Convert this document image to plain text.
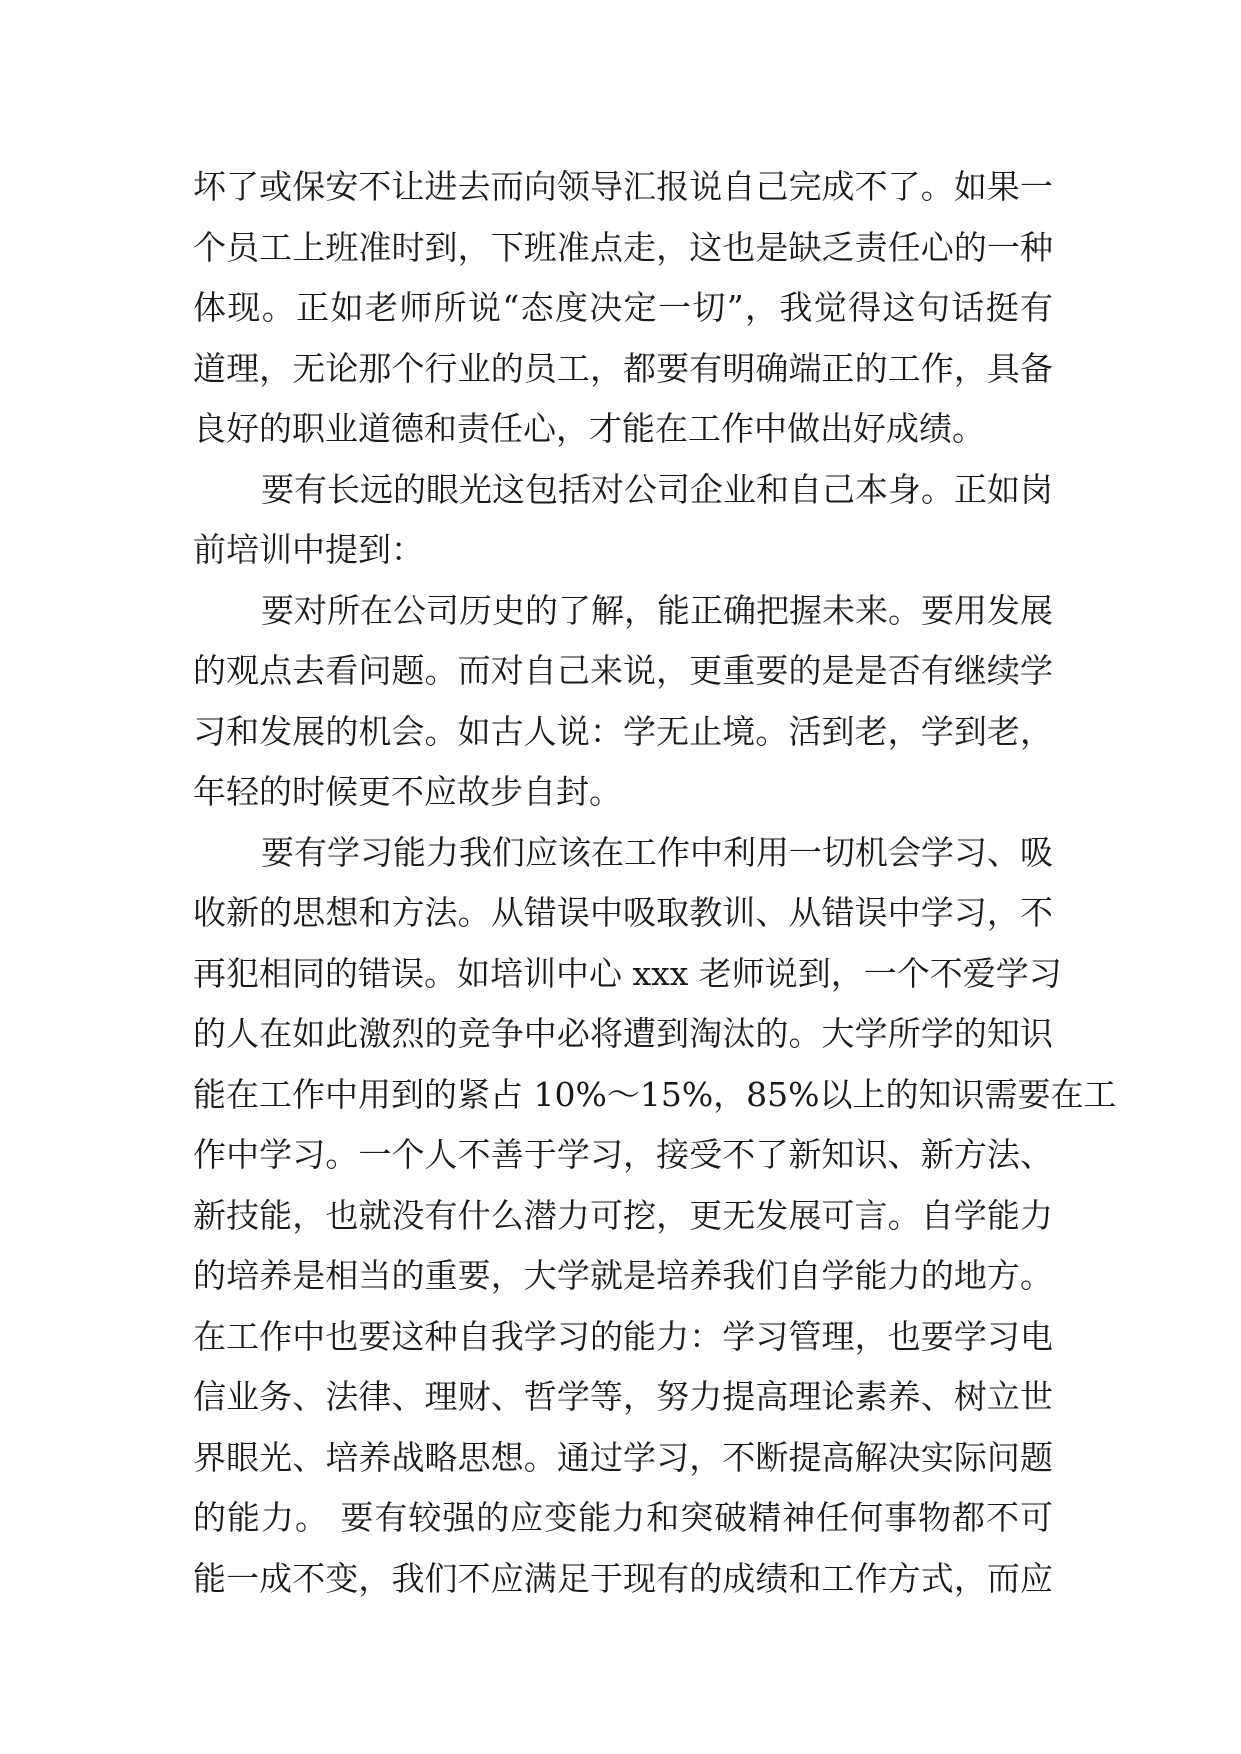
坏了或保安不让进去而向领导汇报说自己完成不了。如果一
个员工上班准时到，下班准点走，这也是缺乏责任心的一种
体现。正如老师所说“态度决定一切”，我觉得这句话挺有
道理，无论那个行业的员工，都要有明确端正的工作，具备
良好的职业道德和责任心，才能在工作中做出好成绩。
要有长远的眼光这包括对公司企业和自己本身。正如岗
前培训中提到：
要对所在公司历史的了解，能正确把握未来。要用发展
的观点去看问题。而对自己来说，更重要的是是否有继续学
习和发展的机会。如古人说：学无止境。活到老，学到老，
年轻的时候更不应故步自封。
要有学习能力我们应该在工作中利用一切机会学习、吸
收新的思想和方法。从错误中吸取教训、从错误中学习，不
再犯相同的错误。如培训中心 xxx 老师说到，一个不爱学习
的人在如此激烈的竞争中必将遭到淘汰的。大学所学的知识
能在工作中用到的紧占 10%～15%，85%以上的知识需要在工
作中学习。一个人不善于学习，接受不了新知识、新方法、
新技能，也就没有什么潜力可挖，更无发展可言。自学能力
的培养是相当的重要，大学就是培养我们自学能力的地方。
在工作中也要这种自我学习的能力：学习管理，也要学习电
信业务、法律、理财、哲学等，努力提高理论素养、树立世
界眼光、培养战略思想。通过学习，不断提高解决实际问题
的能力。 要有较强的应变能力和突破精神任何事物都不可
能一成不变，我们不应满足于现有的成绩和工作方式，而应
